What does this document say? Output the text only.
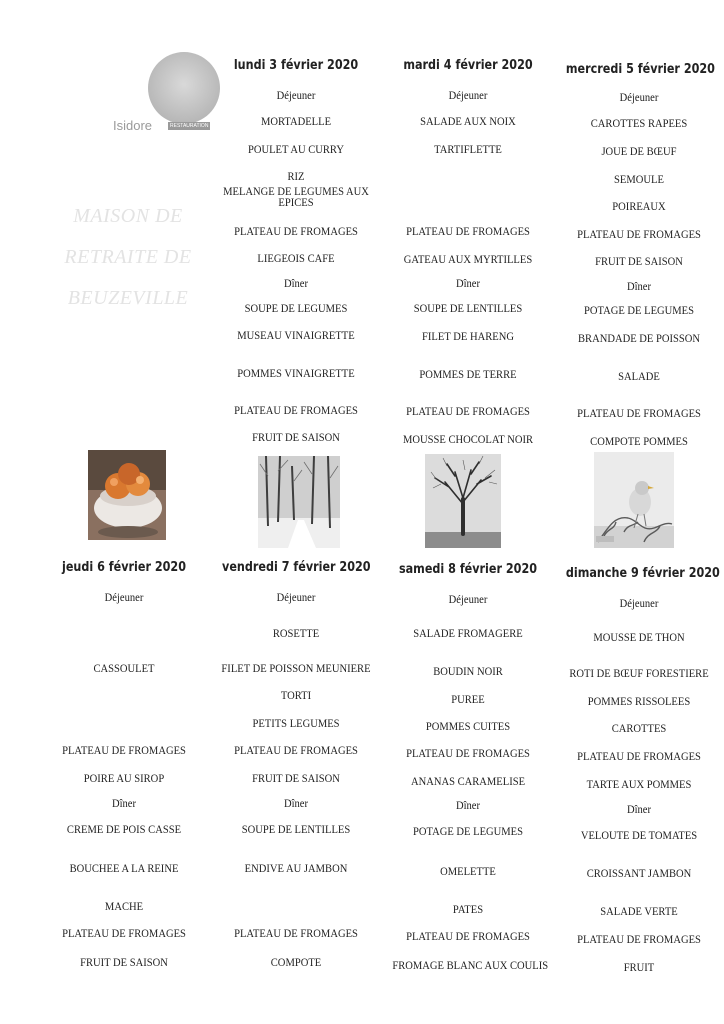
Isidore	RESTAURATION
MAISON DE
RETRAITE DE
BEUZEVILLE
lundi 3 février 2020
Déjeuner
MORTADELLE
POULET AU CURRY
RIZ
MELANGE DE LEGUMES AUX EPICES
PLATEAU DE FROMAGES
LIEGEOIS CAFE
Dîner
SOUPE DE LEGUMES
MUSEAU VINAIGRETTE
POMMES VINAIGRETTE
PLATEAU DE FROMAGES
FRUIT DE SAISON
mardi 4 février 2020
Déjeuner
SALADE AUX NOIX
TARTIFLETTE
PLATEAU DE FROMAGES
GATEAU AUX MYRTILLES
Dîner
SOUPE DE LENTILLES
FILET DE HARENG
POMMES DE TERRE
PLATEAU DE FROMAGES
MOUSSE CHOCOLAT NOIR
mercredi 5 février 2020
Déjeuner
CAROTTES RAPEES
JOUE DE BŒUF
SEMOULE
POIREAUX
PLATEAU DE FROMAGES
FRUIT DE SAISON
Dîner
POTAGE DE LEGUMES
BRANDADE DE POISSON
SALADE
PLATEAU DE FROMAGES
COMPOTE POMMES
jeudi 6 février 2020
Déjeuner
CASSOULET
PLATEAU DE FROMAGES
POIRE AU SIROP
Dîner
CREME DE POIS CASSE
BOUCHEE A LA REINE
MACHE
PLATEAU DE FROMAGES
FRUIT DE SAISON
vendredi 7 février 2020
Déjeuner
ROSETTE
FILET DE POISSON MEUNIERE
TORTI
PETITS LEGUMES
PLATEAU DE FROMAGES
FRUIT DE SAISON
Dîner
SOUPE DE LENTILLES
ENDIVE AU JAMBON
PLATEAU DE FROMAGES
COMPOTE
samedi 8 février 2020
Déjeuner
SALADE FROMAGERE
BOUDIN NOIR
PUREE
POMMES CUITES
PLATEAU DE FROMAGES
ANANAS CARAMELISE
Dîner
POTAGE DE LEGUMES
OMELETTE
PATES
PLATEAU DE FROMAGES
FROMAGE BLANC AUX COULIS
dimanche 9 février 2020
Déjeuner
MOUSSE DE THON
ROTI DE BŒUF FORESTIERE
POMMES RISSOLEES
CAROTTES
PLATEAU DE FROMAGES
TARTE AUX POMMES
Dîner
VELOUTE DE TOMATES
CROISSANT JAMBON
SALADE VERTE
PLATEAU DE FROMAGES
FRUIT
